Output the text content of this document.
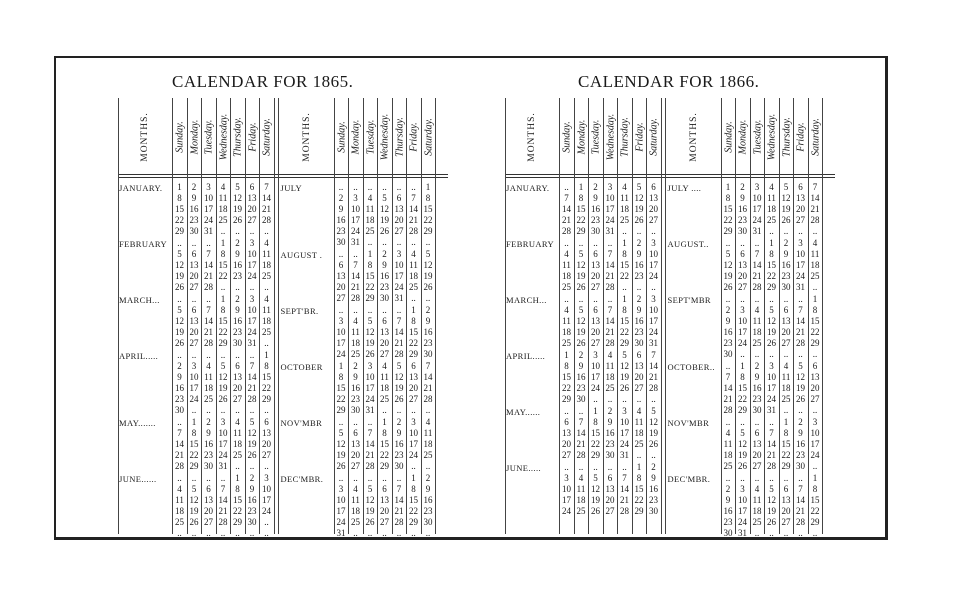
CALENDAR FOR 1865.	CALENDAR FOR 1866.
MONTHS. Sunday. Monday. Tuesday. Wednesday. Thursday. Friday. Saturday.
JANUARY.	1	2	3	4	5	6	7
8	9 10 11 12 13 14
15 16 17 18 19 20 21
22 23 24 25 26 27 28
29 30 31 ..	..	..	..
FEBRUARY	..	..	..	1	2	3	4
5	6	7	8	9 10 11
12 13 14 15 16 17 18
19 20 21 22 23 24 25
26 27 28 ..	..	..	..
MARCH...	..	..	..	1	2	3	4
5	6	7	8	9 10 11
12 13 14 15 16 17 18
19 20 21 22 23 24 25
26 27 28 29 30 31 ..
APRIL.....	..	..	..	..	..	..	1
2	3	4	5	6	7	8
9 10 11 12 13 14 15
16 17 18 19 20 21 22
23 24 25 26 27 28 29
30 ..	..	..	..	..	..
MAY.......	..	1	2	3	4	5	6
7	8	9 10 11 12 13
14 15 16 17 18 19 20
21 22 23 24 25 26 27
28 29 30 31 ..	..	..
JUNE......	..	..	..	..	1	2	3
4	5	6	7	8	9 10
11 12 13 14 15 16 17
18 19 20 21 22 23 24
25 26 27 28 29 30 ..
..	..	..	..	..	..	..
MONTHS. Sunday. Monday. Tuesday. Wednesday. Thursday. Friday. Saturday.
JULY	..	..	..	..	..	..	1
2	3	4	5	6	7	8
9 10 11 12 13 14 15
16 17 18 19 20 21 22
23 24 25 26 27 28 29
30 31 ..	..	..	..	..
AUGUST .	..	..	1	2	3	4	5
6	7	8	9 10 11 12
13 14 15 16 17 18 19
20 21 22 23 24 25 26
27 28 29 30 31 ..	..
SEPT'BR.	..	..	..	..	..	1	2
3	4	5	6	7	8	9
10 11 12 13 14 15 16
17 18 19 20 21 22 23
24 25 26 27 28 29 30
OCTOBER	1	2	3	4	5	6	7
8	9 10 11 12 13 14
15 16 17 18 19 20 21
22 23 24 25 26 27 28
29 30 31 ..	..	..	..
NOV'MBR	..	..	..	1	2	3	4
5	6	7	8	9 10 11
12 13 14 15 16 17 18
19 20 21 22 23 24 25
26 27 28 29 30 ..	..
DEC'MBR.	..	..	..	..	..	1	2
3	4	5	6	7	8	9
10 11 12 13 14 15 16
17 18 19 20 21 22 23
24 25 26 27 28 29 30
31 ..	..	..	..	..	..
MONTHS. Sunday. Monday. Tuesday. Wednesday. Thursday. Friday. Saturday.
JANUARY.	..	1	2	3	4	5	6
7	8	9 10 11 12 13
14 15 16 17 18 19 20
21 22 23 24 25 26 27
28 29 30 31 ..	..	..
FEBRUARY	..	..	..	..	1	2	3
4	5	6	7	8	9 10
11 12 13 14 15 16 17
18 19 20 21 22 23 24
25 26 27 28 ..	..	..
MARCH...	..	..	..	..	1	2	3
4	5	6	7	8	9 10
11 12 13 14 15 16 17
18 19 20 21 22 23 24
25 26 27 28 29 30 31
APRIL.....	1	2	3	4	5	6	7
8	9 10 11 12 13 14
15 16 17 18 19 20 21
22 23 24 25 26 27 28
29 30 ..	..	..	..	..
MAY......	..	..	1	2	3	4	5
6	7	8	9 10 11 12
13 14 15 16 17 18 19
20 21 22 23 24 25 26
27 28 29 30 31 ..	..
JUNE.....	..	..	..	..	..	1	2
3	4	5	6	7	8	9
10 11 12 13 14 15 16
17 18 19 20 21 22 23
24 25 26 27 28 29 30
MONTHS. Sunday. Monday. Tuesday. Wednesday. Thursday. Friday. Saturday.
JULY ....	1	2	3	4	5	6	7
8	9 10 11 12 13 14
15 16 17 18 19 20 21
22 23 24 25 26 27 28
29 30 31 ..	..	..	..
AUGUST..	..	..	..	1	2	3	4
5	6	7	8	9 10 11
12 13 14 15 16 17 18
19 20 21 22 23 24 25
26 27 28 29 30 31 ..
SEPT'MBR	..	..	..	..	..	..	1
2	3	4	5	6	7	8
9 10 11 12 13 14 15
16 17 18 19 20 21 22
23 24 25 26 27 28 29
30 ..	..	..	..	..	..
OCTOBER..	..	1	2	3	4	5	6
7	8	9 10 11 12 13
14 15 16 17 18 19 20
21 22 23 24 25 26 27
28 29 30 31 ..	..	..
NOV'MBR	..	..	..	..	1	2	3
4	5	6	7	8	9 10
11 12 13 14 15 16 17
18 19 20 21 22 23 24
25 26 27 28 29 30 ..
DEC'MBR.	..	..	..	..	..	..	1
2	3	4	5	6	7	8
9 10 11 12 13 14 15
16 17 18 19 20 21 22
23 24 25 26 27 28 29
30 31 ..	..	..	..	..
